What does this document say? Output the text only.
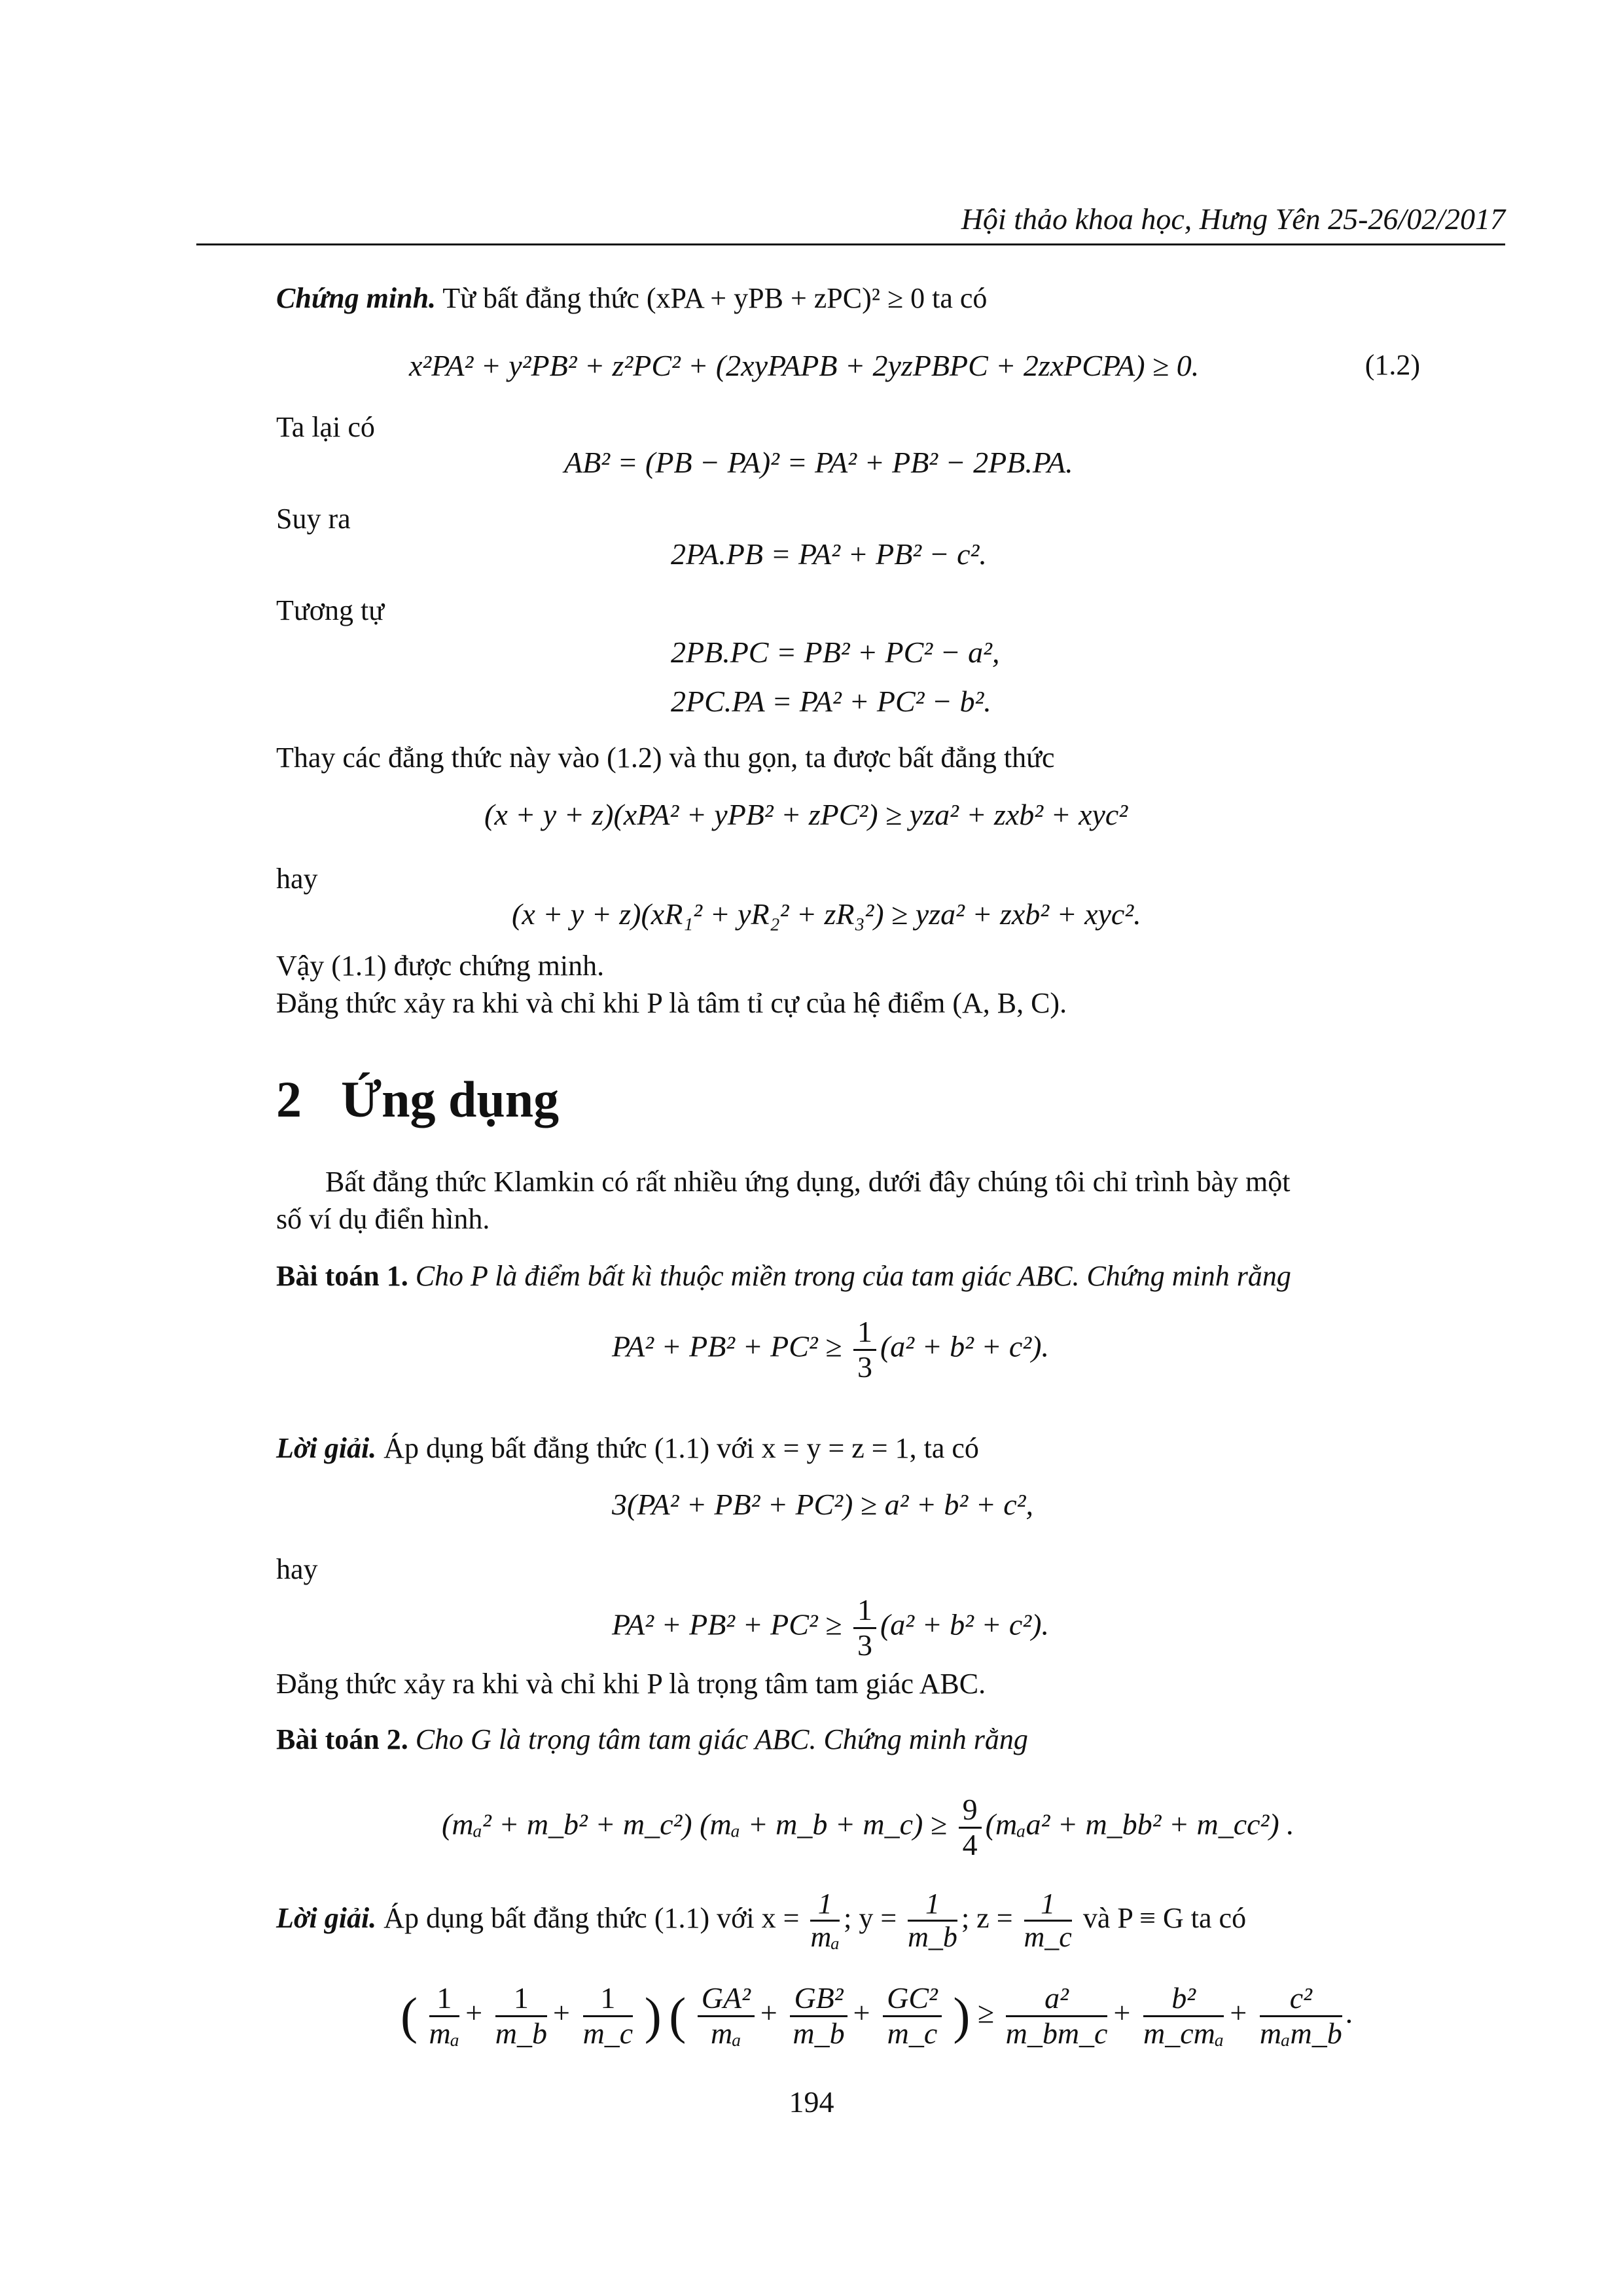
Hội thảo khoa học, Hưng Yên 25-26/02/2017
Chứng minh. Từ bất đẳng thức (xPA + yPB + zPC)² ≥ 0 ta có
x²PA² + y²PB² + z²PC² + (2xyPAPB + 2yzPBPC + 2zxPCPA) ≥ 0.	(1.2)
Ta lại có
AB² = (PB − PA)² = PA² + PB² − 2PB.PA.
Suy ra
2PA.PB = PA² + PB² − c².
Tương tự
2PB.PC = PB² + PC² − a²,
2PC.PA = PA² + PC² − b².
Thay các đẳng thức này vào (1.2) và thu gọn, ta được bất đẳng thức
(x + y + z)(xPA² + yPB² + zPC²) ≥ yza² + zxb² + xyc²
hay
(x + y + z)(xR₁² + yR₂² + zR₃²) ≥ yza² + zxb² + xyc².
Vậy (1.1) được chứng minh.
Đẳng thức xảy ra khi và chỉ khi P là tâm tỉ cự của hệ điểm (A, B, C).
2 Ứng dụng
Bất đẳng thức Klamkin có rất nhiều ứng dụng, dưới đây chúng tôi chỉ trình bày một
số ví dụ điển hình.
Bài toán 1. Cho P là điểm bất kì thuộc miền trong của tam giác ABC. Chứng minh rằng
$PA^2 + PB^2 + PC^2 \ge \frac{1}{3} (a^2 + b^2 + c^2)$.
Lời giải. Áp dụng bất đẳng thức (1.1) với x = y = z = 1, ta có
3(PA² + PB² + PC²) ≥ a² + b² + c²,
hay
$PA^2 + PB^2 + PC^2 \ge \frac{1}{3} (a^2 + b^2 + c^2)$.
Đẳng thức xảy ra khi và chỉ khi P là trọng tâm tam giác ABC.
Bài toán 2. Cho G là trọng tâm tam giác ABC. Chứng minh rằng
(mₐ² + m_b² + m_c²) (mₐ + m_b + m_c) ≥ $\frac{9}{4} (m_aa^2$ + m_bb² + m_cc²) .
Lời giải. Áp dụng bất đẳng thức (1.1) với $x = \frac{1}{\text{mₐ}}$ ; $y = \frac{1}{m\_b}$ ; $z = \frac{1}{m\_c}$ và P ≡ G ta có
( $\frac{1}{\text{mₐ}} + \frac{1}{m\_b} + \frac{1}{m\_c}$ ) ( $\frac{\text{GA²}}{\text{mₐ}} + \frac{\text{GB²}}{m\_b} + \frac{\text{GC²}}{m\_c}$ ) ≥ $\frac{\text{a²}}{m\_bm\_c} + \frac{\text{b²}}{\text{m\_cmₐ}} + \frac{\text{c²}}{\text{mₐm\_b}}$ .
194
